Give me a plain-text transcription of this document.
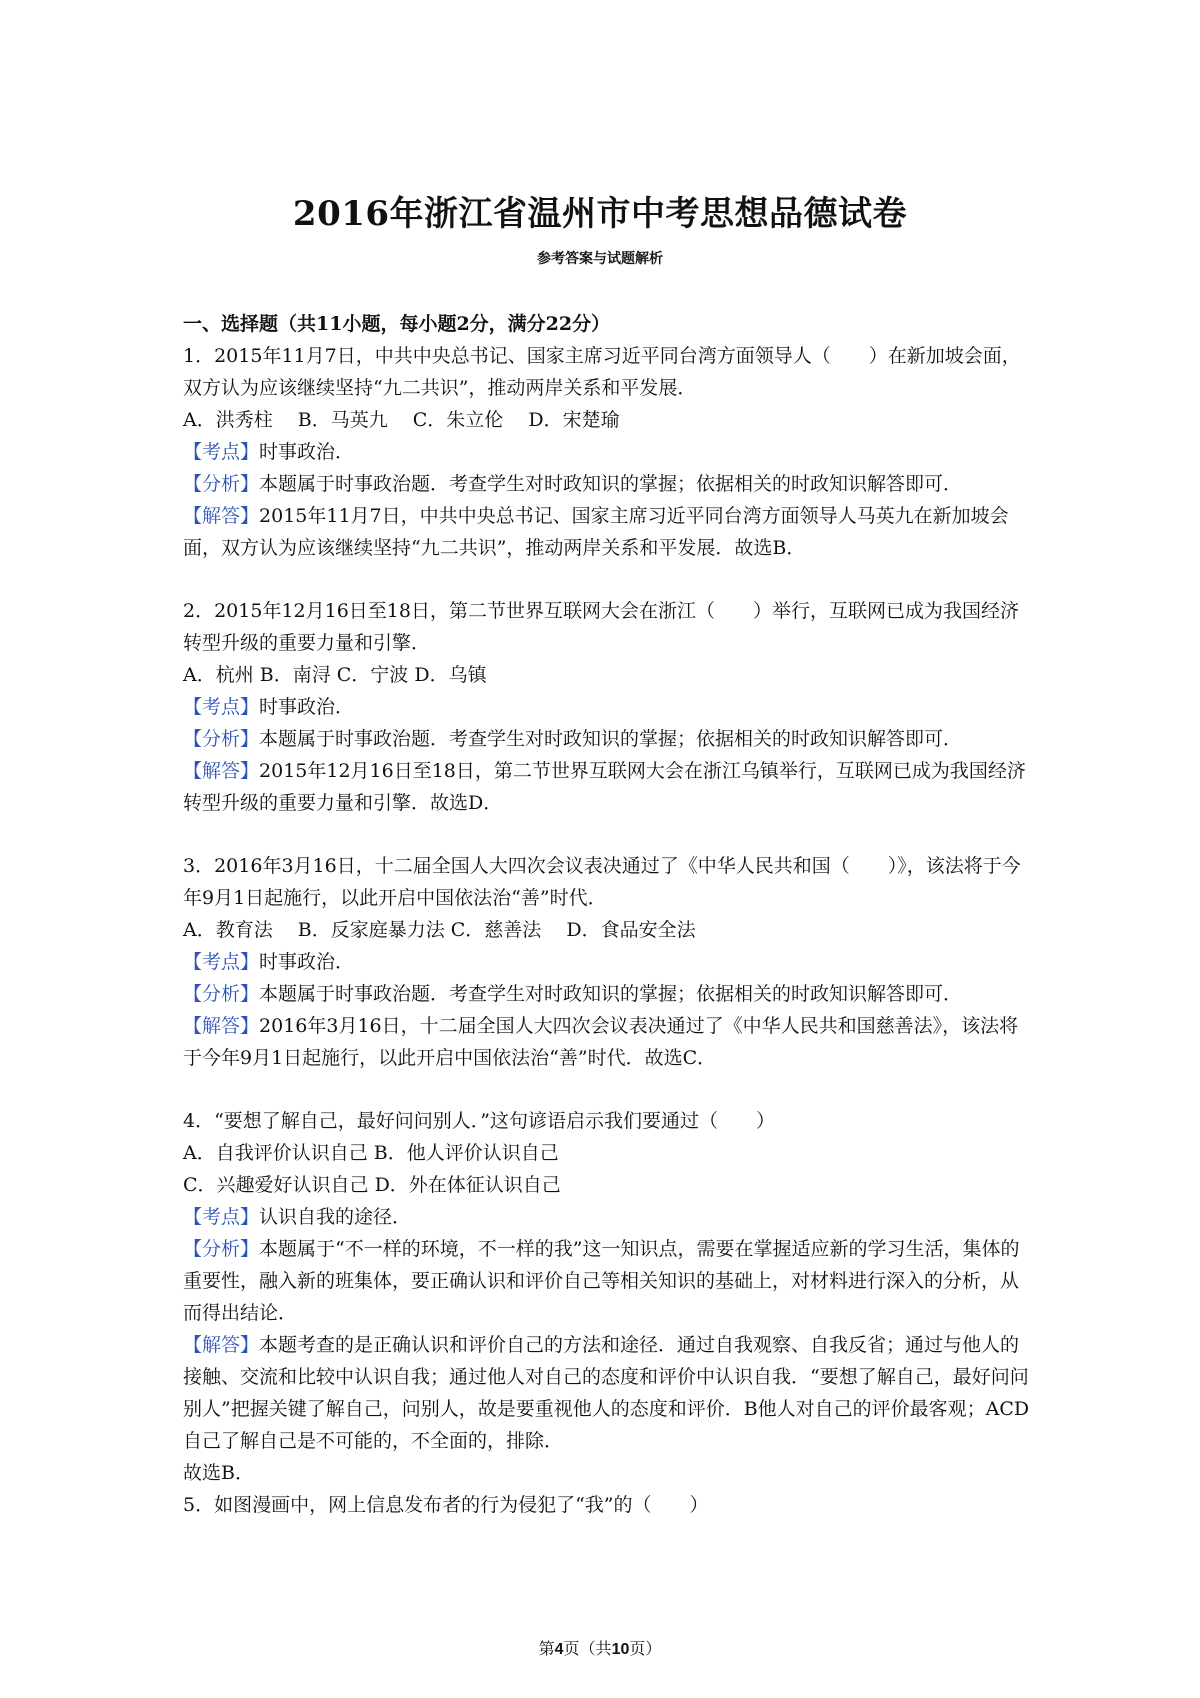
2016年浙江省温州市中考思想品德试卷

参考答案与试题解析

一、选择题（共11小题，每小题2分，满分22分）

1．2015年11月7日，中共中央总书记、国家主席习近平同台湾方面领导人（　　）在新加坡会面，双方认为应该继续坚持“九二共识”，推动两岸关系和平发展．

A．洪秀柱　 B．马英九　 C．朱立伦　 D．宋楚瑜

【考点】时事政治．

【分析】本题属于时事政治题．考查学生对时政知识的掌握；依据相关的时政知识解答即可．

【解答】2015年11月7日，中共中央总书记、国家主席习近平同台湾方面领导人马英九在新加坡会面，双方认为应该继续坚持“九二共识”，推动两岸关系和平发展．故选B．

2．2015年12月16日至18日，第二节世界互联网大会在浙江（　　）举行，互联网已成为我国经济转型升级的重要力量和引擎．

A．杭州 B．南浔 C．宁波 D．乌镇

【考点】时事政治．

【分析】本题属于时事政治题．考查学生对时政知识的掌握；依据相关的时政知识解答即可．

【解答】2015年12月16日至18日，第二节世界互联网大会在浙江乌镇举行，互联网已成为我国经济转型升级的重要力量和引擎．故选D．

3．2016年3月16日，十二届全国人大四次会议表决通过了《中华人民共和国（　　）》，该法将于今年9月1日起施行，以此开启中国依法治“善”时代．

A．教育法　 B．反家庭暴力法 C．慈善法　 D．食品安全法

【考点】时事政治．

【分析】本题属于时事政治题．考查学生对时政知识的掌握；依据相关的时政知识解答即可．

【解答】2016年3月16日，十二届全国人大四次会议表决通过了《中华人民共和国慈善法》，该法将于今年9月1日起施行，以此开启中国依法治“善”时代．故选C．

4．“要想了解自己，最好问问别人．”这句谚语启示我们要通过（　　）

A．自我评价认识自己 B．他人评价认识自己

C．兴趣爱好认识自己 D．外在体征认识自己

【考点】认识自我的途径．

【分析】本题属于“不一样的环境，不一样的我”这一知识点，需要在掌握适应新的学习生活，集体的重要性，融入新的班集体，要正确认识和评价自己等相关知识的基础上，对材料进行深入的分析，从而得出结论．

【解答】本题考查的是正确认识和评价自己的方法和途径．通过自我观察、自我反省；通过与他人的接触、交流和比较中认识自我；通过他人对自己的态度和评价中认识自我．“要想了解自己，最好问问别人”把握关键了解自己，问别人，故是要重视他人的态度和评价．B他人对自己的评价最客观；ACD自己了解自己是不可能的，不全面的，排除．

故选B．

5．如图漫画中，网上信息发布者的行为侵犯了“我”的（　　）

第4页（共10页）
